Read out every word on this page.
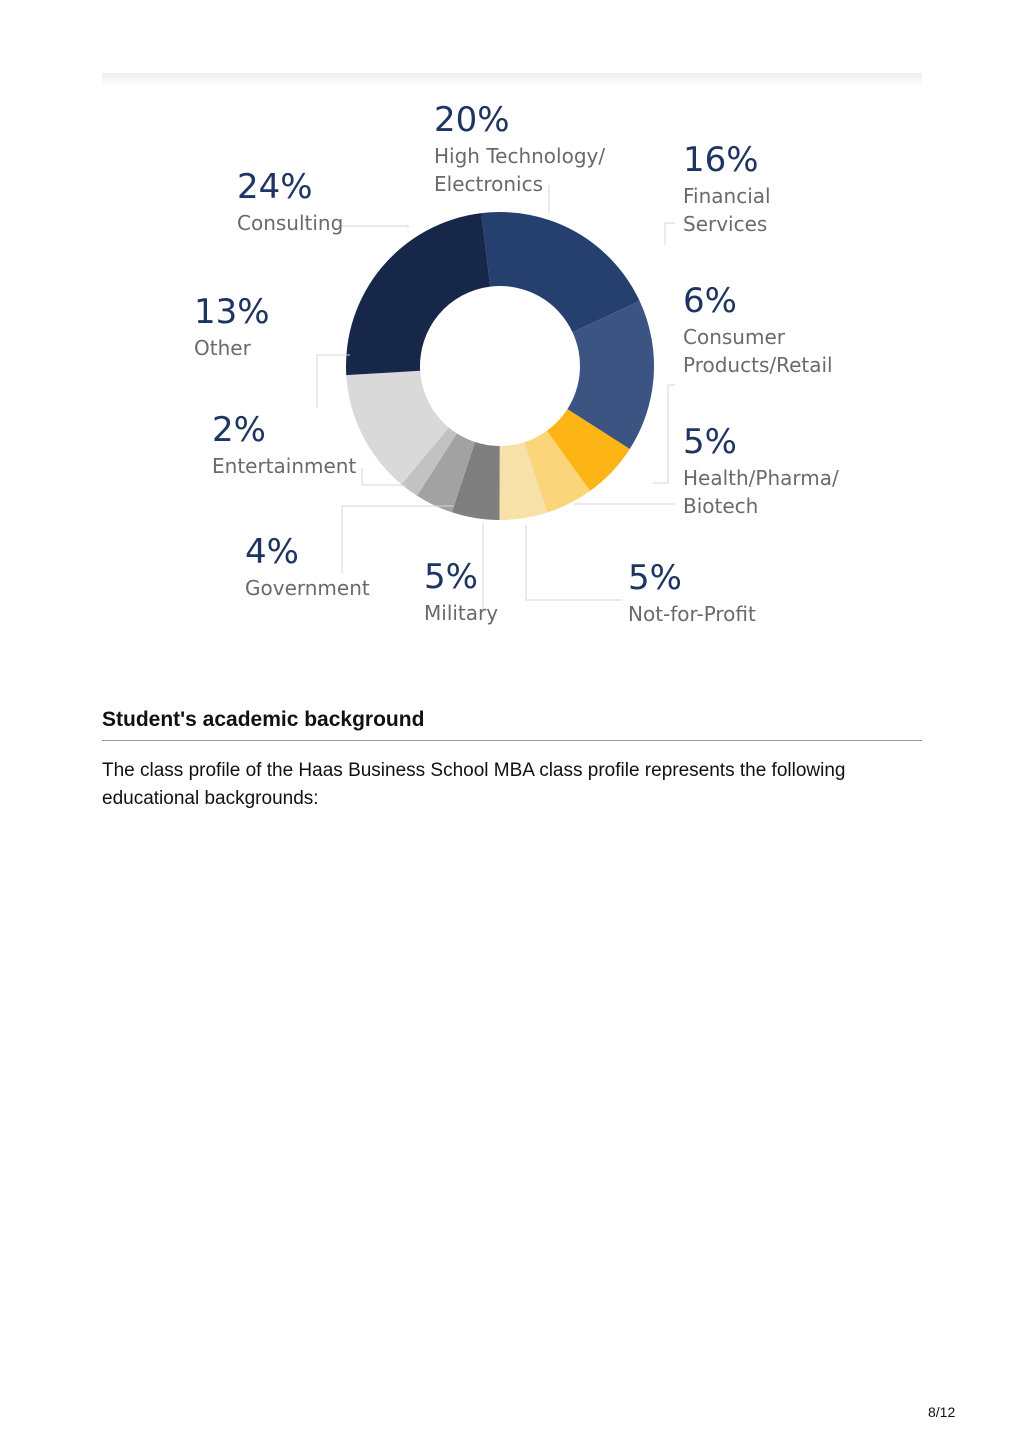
20%
High Technology/
Electronics
16%
Financial
Services
6%
Consumer
Products/Retail
5%
Health/Pharma/
Biotech
5%
Not-for-Profit
5%
Military
4%
Government
2%
Entertainment
13%
Other
24%
Consulting
Student's academic background

The class profile of the Haas Business School MBA class profile represents the following educational backgrounds:

8/12
